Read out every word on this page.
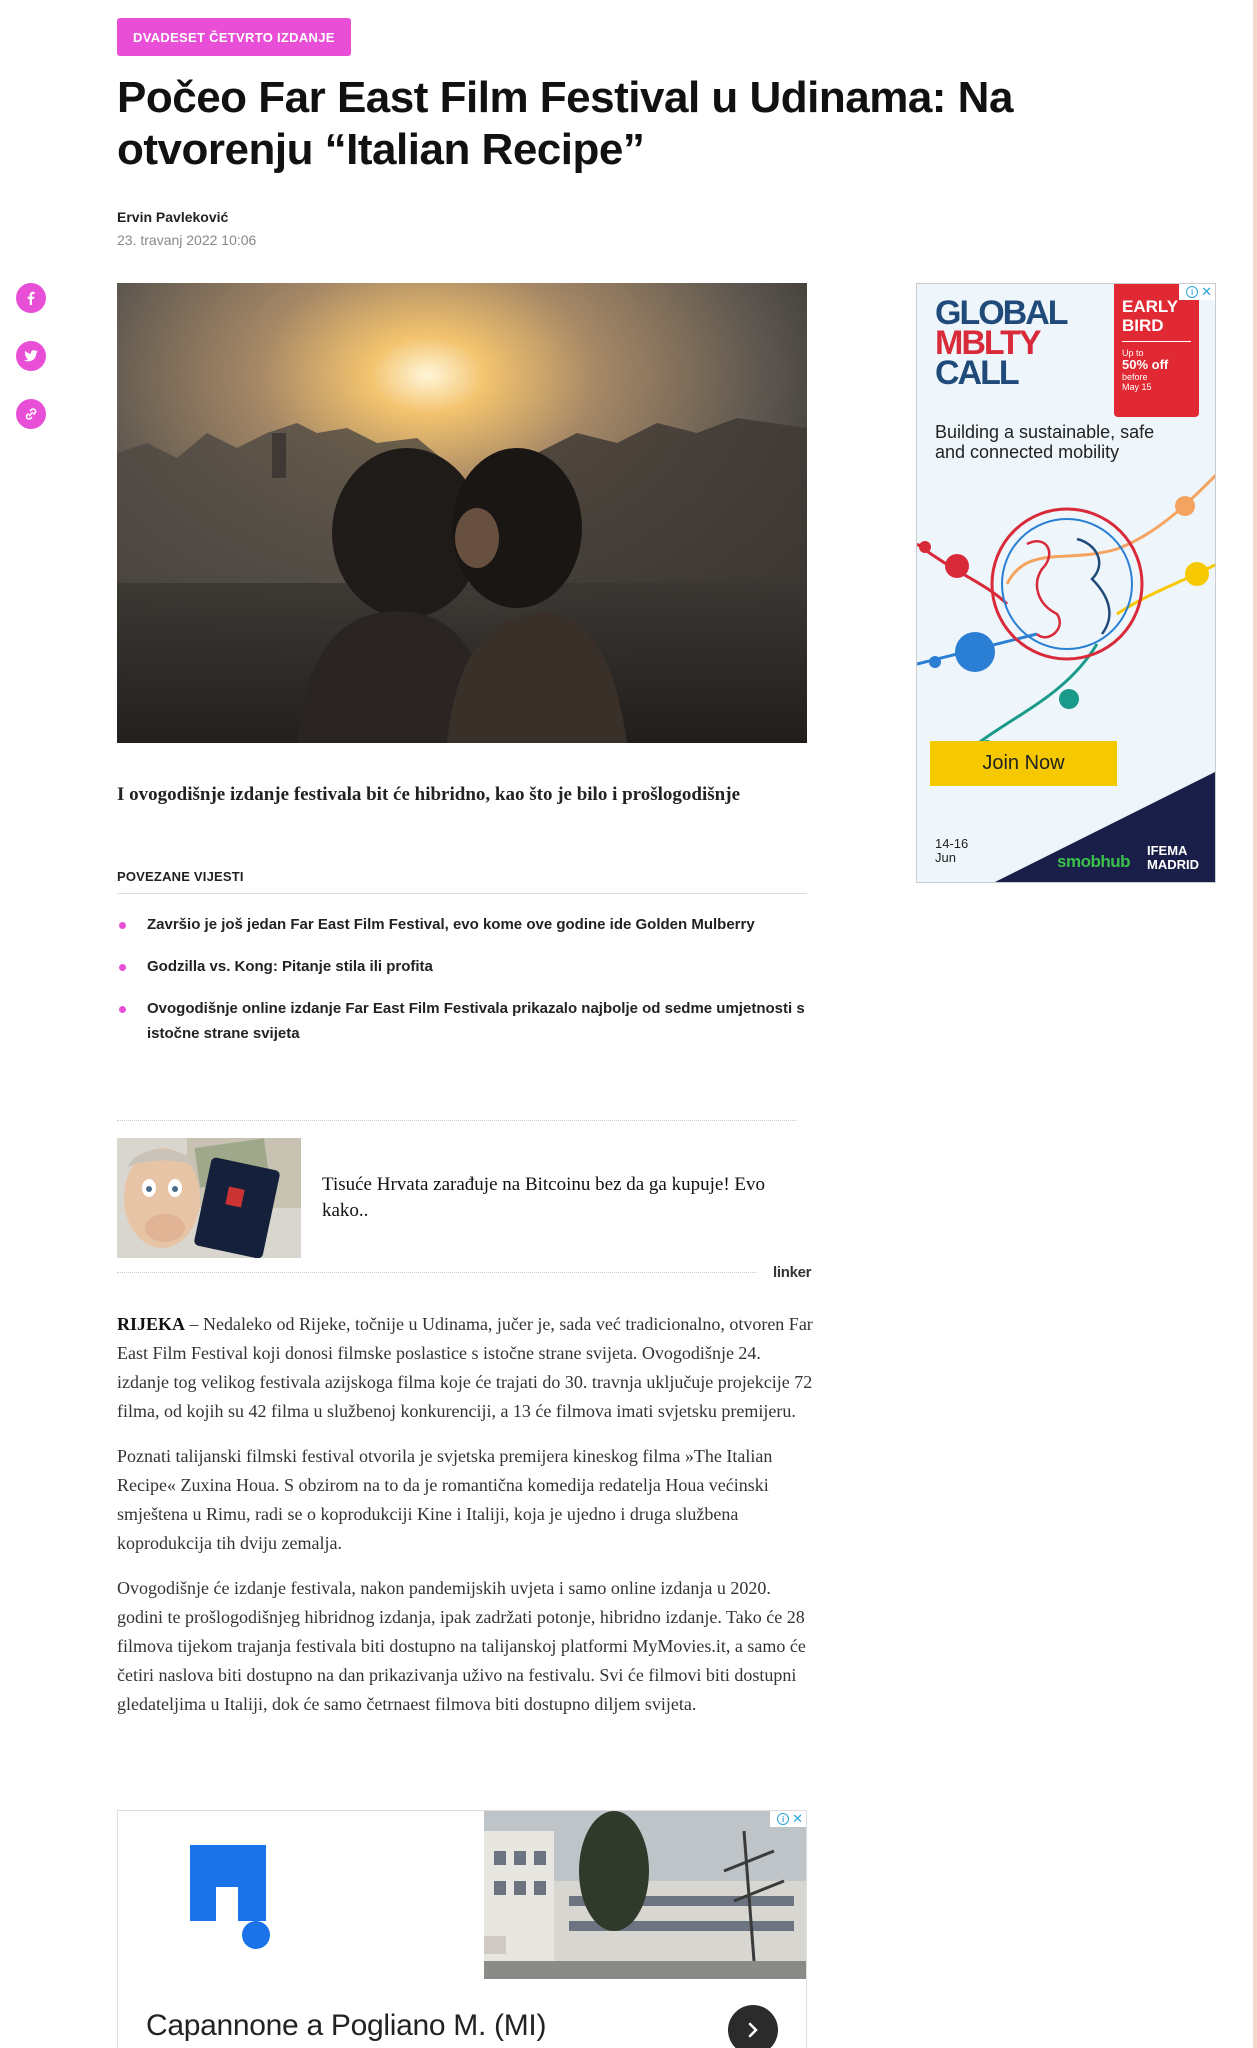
DVADESET ČETVRTO IZDANJE
Počeo Far East Film Festival u Udinama: Na otvorenju “Italian Recipe”
Ervin Pavleković
23. travanj 2022 10:06

I ovogodišnje izdanje festivala bit će hibridno, kao što je bilo i prošlogodišnje

POVEZANE VIJESTI
Završio je još jedan Far East Film Festival, evo kome ove godine ide Golden Mulberry
Godzilla vs. Kong: Pitanje stila ili profita
Ovogodišnje online izdanje Far East Film Festivala prikazalo najbolje od sedme umjetnosti s istočne strane svijeta
Tisuće Hrvata zarađuje na Bitcoinu bez da ga kupuje! Evo kako..
linker

RIJEKA – Nedaleko od Rijeke, točnije u Udinama, jučer je, sada već tradicionalno, otvoren Far East Film Festival koji donosi filmske poslastice s istočne strane svijeta. Ovogodišnje 24. izdanje tog velikog festivala azijskoga filma koje će trajati do 30. travnja uključuje projekcije 72 filma, od kojih su 42 filma u službenoj konkurenciji, a 13 će filmova imati svjetsku premijeru.

Poznati talijanski filmski festival otvorila je svjetska premijera kineskog filma »The Italian Recipe« Zuxina Houa. S obzirom na to da je romantična komedija redatelja Houa većinski smještena u Rimu, radi se o koprodukciji Kine i Italiji, koja je ujedno i druga službena koprodukcija tih dviju zemalja.

Ovogodišnje će izdanje festivala, nakon pandemijskih uvjeta i samo online izdanja u 2020. godini te prošlogodišnjeg hibridnog izdanja, ipak zadržati potonje, hibridno izdanje. Tako će 28 filmova tijekom trajanja festivala biti dostupno na talijanskoj platformi MyMovies.it, a samo će četiri naslova biti dostupno na dan prikazivanja uživo na festivalu. Svi će filmovi biti dostupni gledateljima u Italiji, dok će samo četrnaest filmova biti dostupno diljem svijeta.

GLOBAL
MBLTY
CALL
EARLY BIRD
Up to
50% off
before
May 15
Building a sustainable, safe and connected mobility
Join Now
14-16
Jun	smobhub
IFEMA
MADRID
i ✕
Capannone a Pogliano M. (MI)
i ✕
